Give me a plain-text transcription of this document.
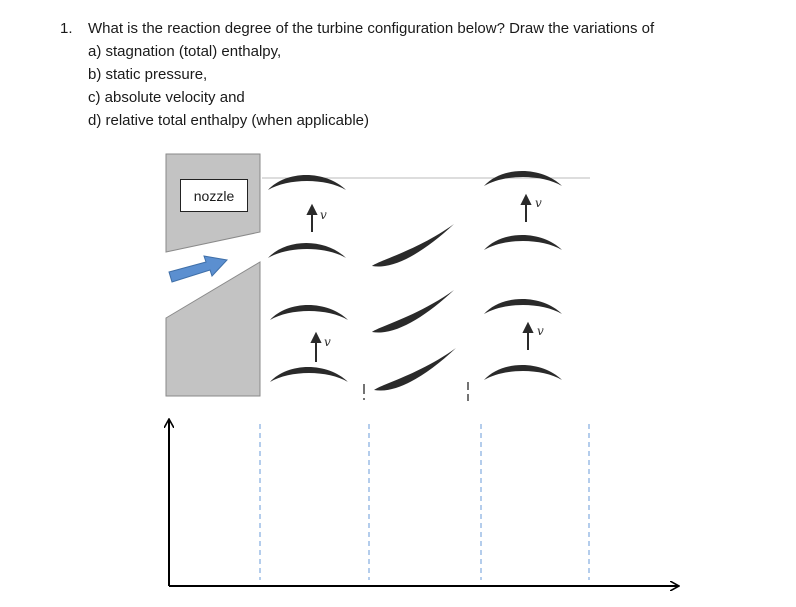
1.	What is the reaction degree of the turbine configuration below? Draw the variations of
a) stagnation (total) enthalpy,
b) static pressure,
c) absolute velocity and
d) relative total enthalpy (when applicable)
v
v
v
v
nozzle
